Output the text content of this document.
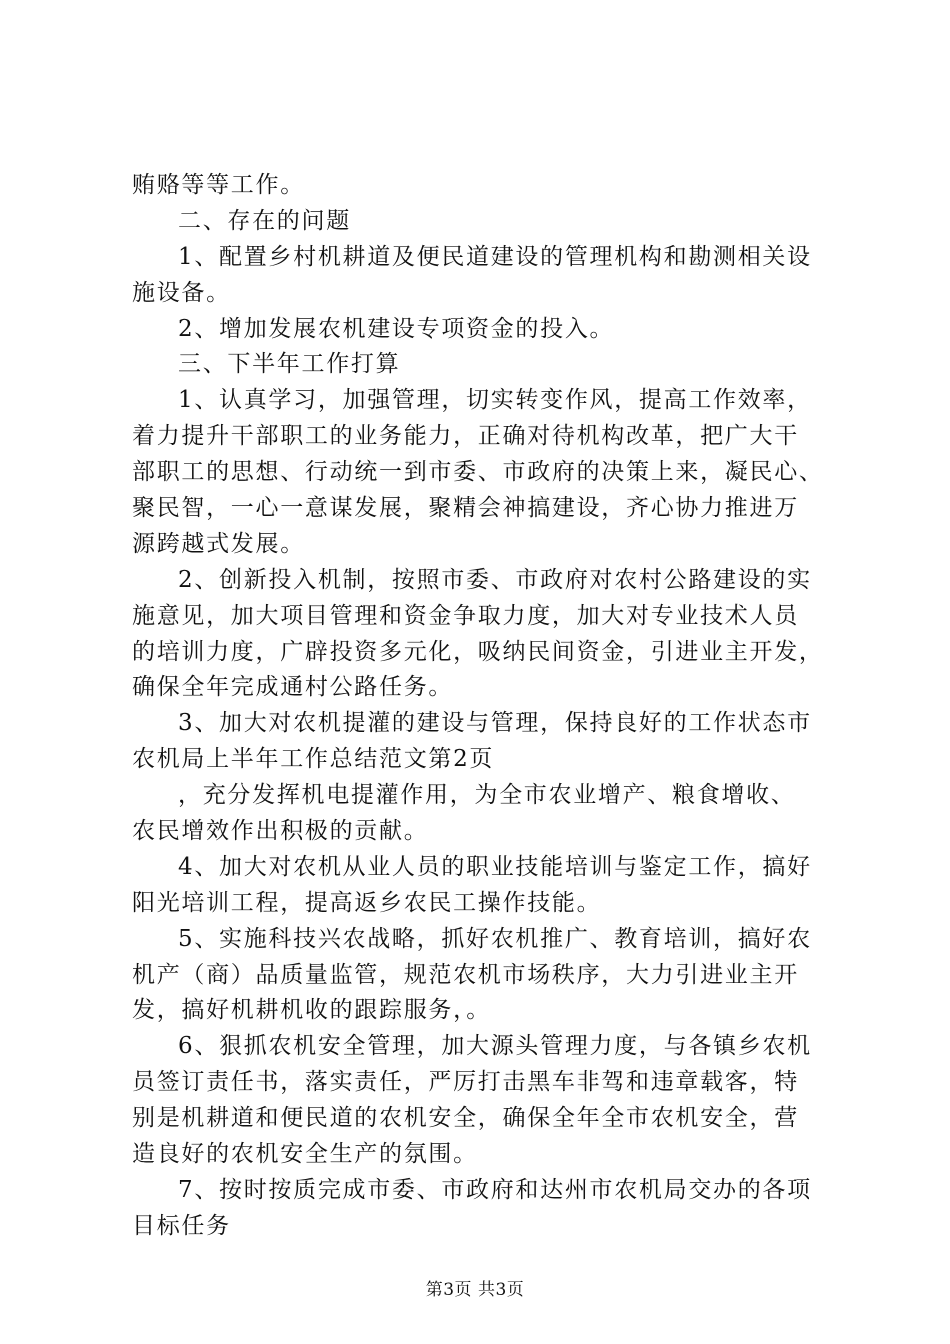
贿赂等等工作。
二、存在的问题
1、配置乡村机耕道及便民道建设的管理机构和勘测相关设
施设备。
2、增加发展农机建设专项资金的投入。
三、下半年工作打算
1、认真学习，加强管理，切实转变作风，提高工作效率，
着力提升干部职工的业务能力，正确对待机构改革，把广大干
部职工的思想、行动统一到市委、市政府的决策上来，凝民心、
聚民智，一心一意谋发展，聚精会神搞建设，齐心协力推进万
源跨越式发展。
2、创新投入机制，按照市委、市政府对农村公路建设的实
施意见，加大项目管理和资金争取力度，加大对专业技术人员
的培训力度，广辟投资多元化，吸纳民间资金，引进业主开发，
确保全年完成通村公路任务。
3、加大对农机提灌的建设与管理，保持良好的工作状态市
农机局上半年工作总结范文第2页
，充分发挥机电提灌作用，为全市农业增产、粮食增收、
农民增效作出积极的贡献。
4、加大对农机从业人员的职业技能培训与鉴定工作，搞好
阳光培训工程，提高返乡农民工操作技能。
5、实施科技兴农战略，抓好农机推广、教育培训，搞好农
机产（商）品质量监管，规范农机市场秩序，大力引进业主开
发，搞好机耕机收的跟踪服务，。
6、狠抓农机安全管理，加大源头管理力度，与各镇乡农机
员签订责任书，落实责任，严厉打击黑车非驾和违章载客，特
别是机耕道和便民道的农机安全，确保全年全市农机安全，营
造良好的农机安全生产的氛围。
7、按时按质完成市委、市政府和达州市农机局交办的各项
目标任务
第3页 共3页
